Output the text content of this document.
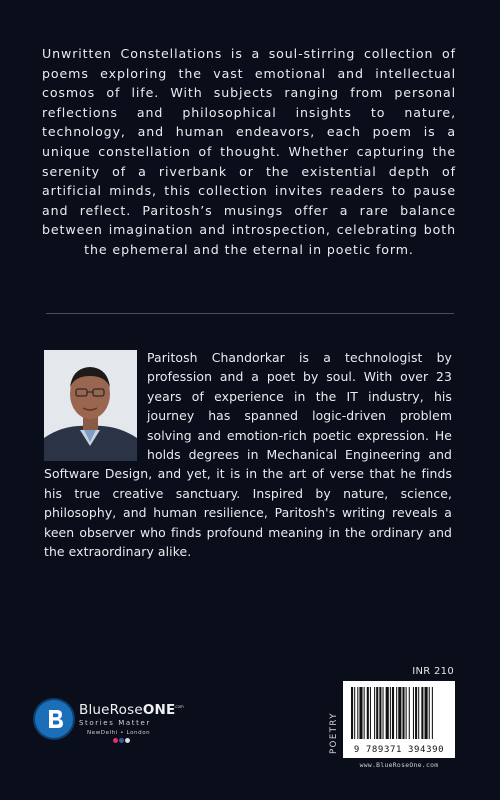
Unwritten Constellations is a soul-stirring collection of poems exploring the vast emotional and intellectual cosmos of life. With subjects ranging from personal reflections and philosophical insights to nature, technology, and human endeavors, each poem is a unique constellation of thought. Whether capturing the serenity of a riverbank or the existential depth of artificial minds, this collection invites readers to pause and reflect. Paritosh’s musings offer a rare balance between imagination and introspection, celebrating both the ephemeral and the eternal in poetic form.
Paritosh Chandorkar is a technologist by profession and a poet by soul. With over 23 years of experience in the IT industry, his journey has spanned logic-driven problem solving and emotion-rich poetic expression. He holds degrees in Mechanical Engineering and Software Design, and yet, it is in the art of verse that he finds his true creative sanctuary. Inspired by nature, science, philosophy, and human resilience, Paritosh's writing reveals a keen observer who finds profound meaning in the ordinary and the extraordinary alike.
INR 210
POETRY	9 789371 394390
www.BlueRoseOne.com
BlueRoseONE
.com
Stories Matter
NewDelhi • London
